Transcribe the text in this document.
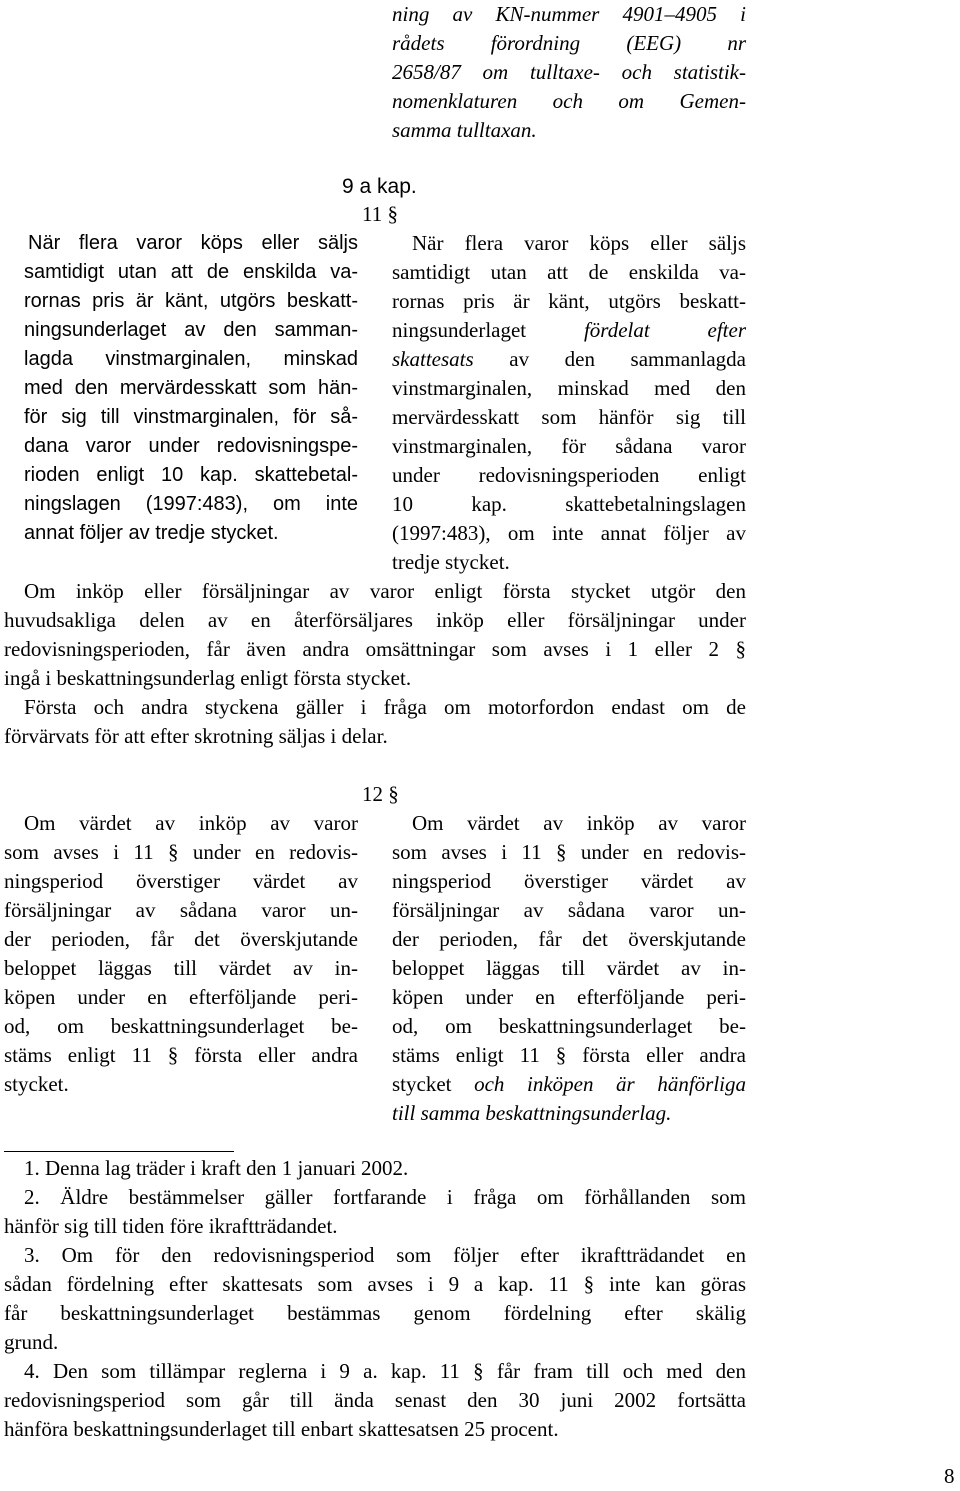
ning av KN-nummer 4901–4905 i
rådets förordning (EEG) nr
2658/87 om tulltaxe- och statistik-
nomenklaturen och om Gemen-
samma tulltaxan.
9 a kap.
11 §
När flera varor köps eller säljs
samtidigt utan att de enskilda va-
rornas pris är känt, utgörs beskatt-
ningsunderlaget av den samman-
lagda vinstmarginalen, minskad
med den mervärdesskatt som hän-
för sig till vinstmarginalen, för så-
dana varor under redovisningspe-
rioden enligt 10 kap. skattebetal-
ningslagen (1997:483), om inte
annat följer av tredje stycket.
När flera varor köps eller säljs
samtidigt utan att de enskilda va-
rornas pris är känt, utgörs beskatt-
ningsunderlaget fördelat efter
skattesats av den sammanlagda
vinstmarginalen, minskad med den
mervärdesskatt som hänför sig till
vinstmarginalen, för sådana varor
under redovisningsperioden enligt
10 kap. skattebetalningslagen
(1997:483), om inte annat följer av
tredje stycket.
Om inköp eller försäljningar av varor enligt första stycket utgör den
huvudsakliga delen av en återförsäljares inköp eller försäljningar under
redovisningsperioden, får även andra omsättningar som avses i 1 eller 2 §
ingå i beskattningsunderlag enligt första stycket.
Första och andra styckena gäller i fråga om motorfordon endast om de
förvärvats för att efter skrotning säljas i delar.
12 §
Om värdet av inköp av varor
som avses i 11 § under en redovis-
ningsperiod överstiger värdet av
försäljningar av sådana varor un-
der perioden, får det överskjutande
beloppet läggas till värdet av in-
köpen under en efterföljande peri-
od, om beskattningsunderlaget be-
stäms enligt 11 § första eller andra
stycket.
Om värdet av inköp av varor
som avses i 11 § under en redovis-
ningsperiod överstiger värdet av
försäljningar av sådana varor un-
der perioden, får det överskjutande
beloppet läggas till värdet av in-
köpen under en efterföljande peri-
od, om beskattningsunderlaget be-
stäms enligt 11 § första eller andra
stycket och inköpen är hänförliga
till samma beskattningsunderlag.
1. Denna lag träder i kraft den 1 januari 2002.
2. Äldre bestämmelser gäller fortfarande i fråga om förhållanden som
hänför sig till tiden före ikraftträdandet.
3. Om för den redovisningsperiod som följer efter ikraftträdandet en
sådan fördelning efter skattesats som avses i 9 a kap. 11 § inte kan göras
får beskattningsunderlaget bestämmas genom fördelning efter skälig
grund.
4. Den som tillämpar reglerna i 9 a. kap. 11 § får fram till och med den
redovisningsperiod som går till ända senast den 30 juni 2002 fortsätta
hänföra beskattningsunderlaget till enbart skattesatsen 25 procent.
8
